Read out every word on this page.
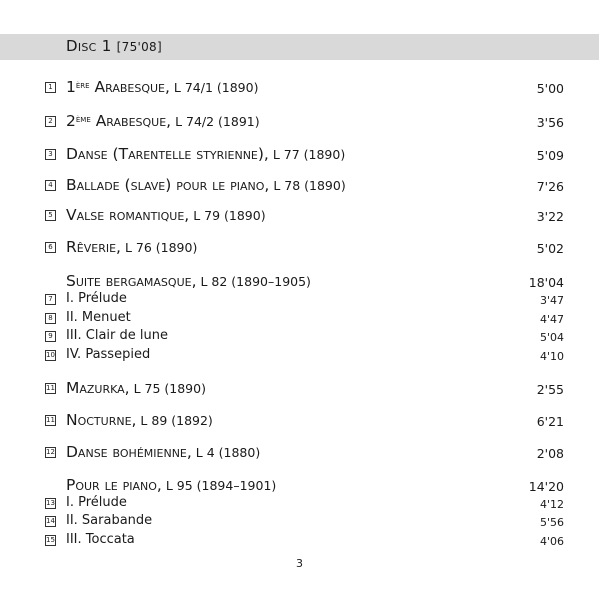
Disc 1 [75'08]
1 1ère Arabesque, L 74/1 (1890)	5'00
2 2ème Arabesque, L 74/2 (1891)	3'56
3 Danse (Tarentelle styrienne), L 77 (1890)	5'09
4 Ballade (slave) pour le piano, L 78 (1890)	7'26
5 Valse romantique, L 79 (1890)	3'22
6 Rêverie, L 76 (1890)	5'02
Suite bergamasque, L 82 (1890–1905)	18'04
7 I. Prélude	3'47
8 II. Menuet	4'47
9 III. Clair de lune	5'04
10 IV. Passepied	4'10
11 Mazurka, L 75 (1890)	2'55
11 Nocturne, L 89 (1892)	6'21
12 Danse bohémienne, L 4 (1880)	2'08
Pour le piano, L 95 (1894–1901)	14'20
13 I. Prélude	4'12
14 II. Sarabande	5'56
15 III. Toccata	4'06
3
